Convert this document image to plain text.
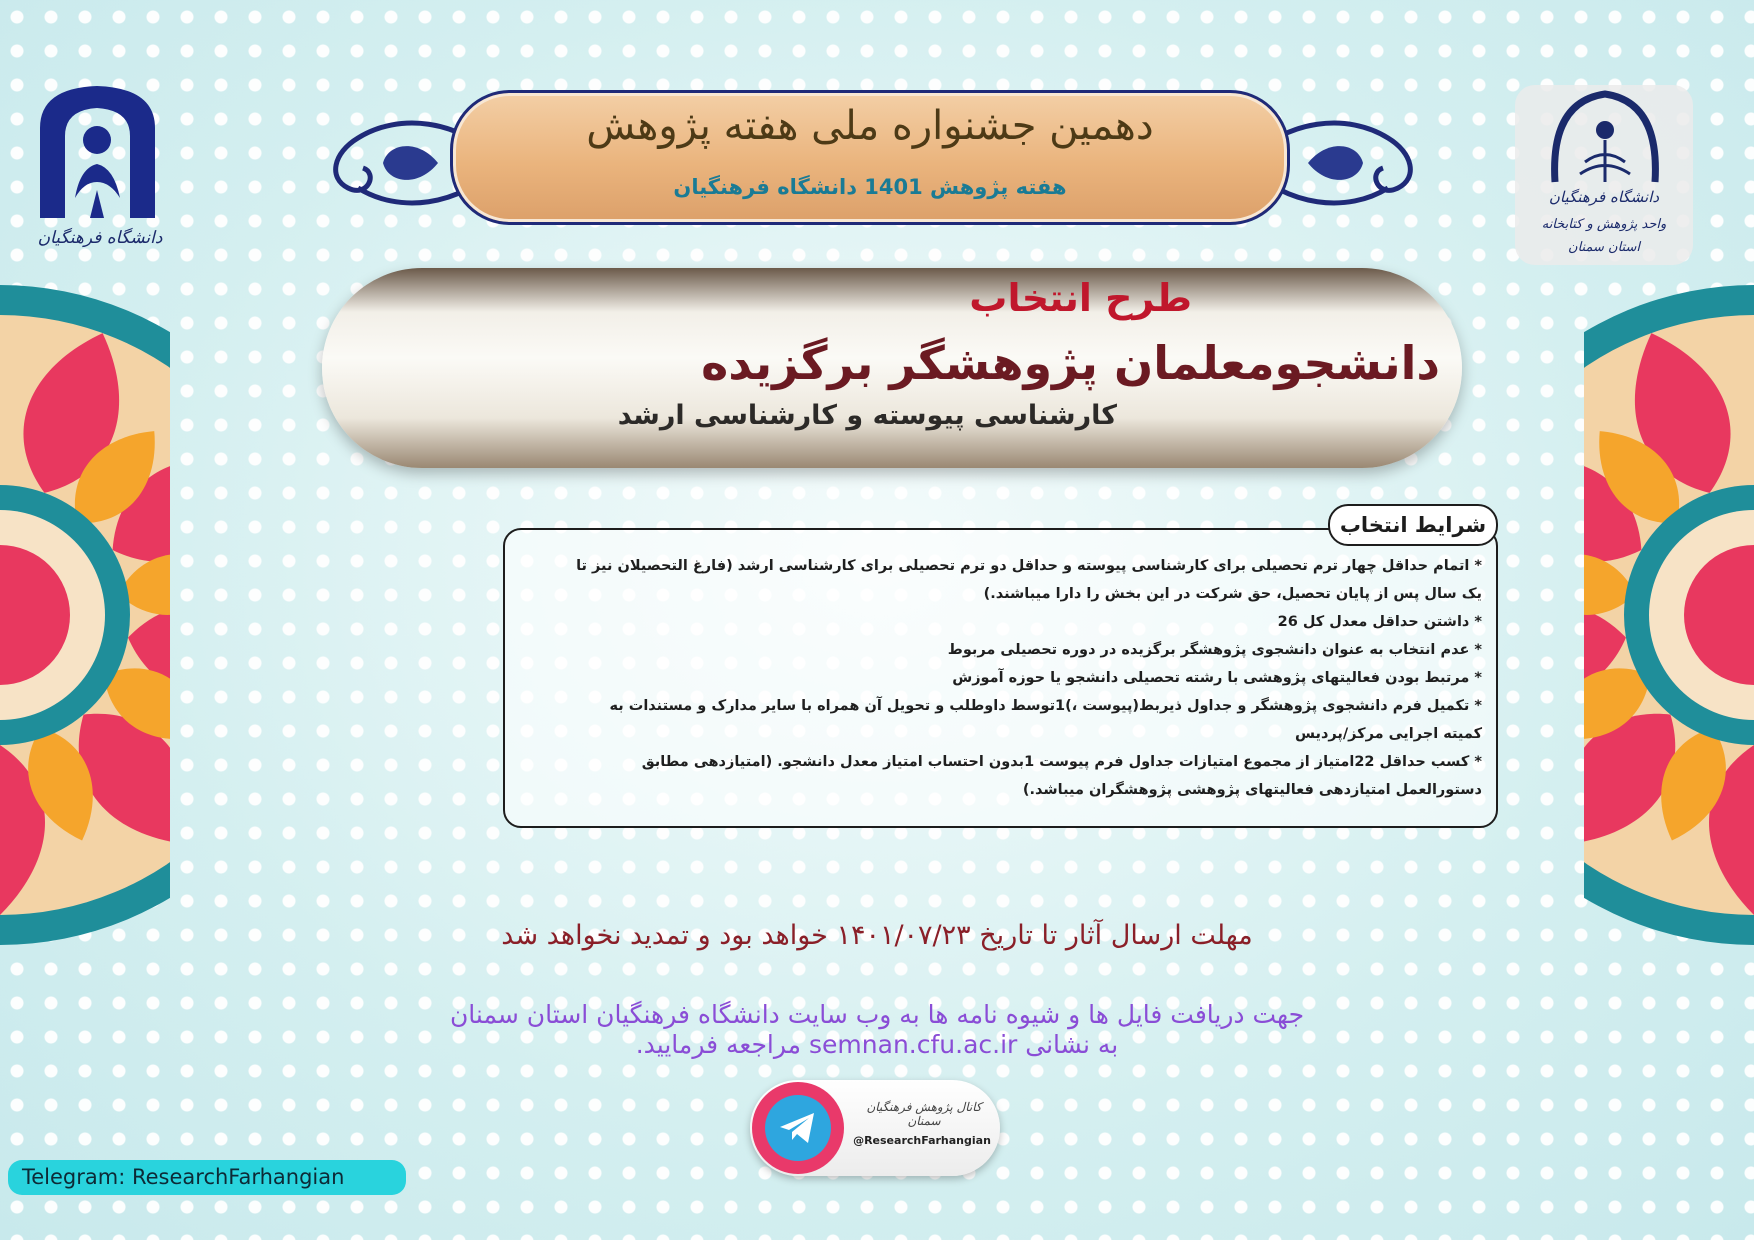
دانشگاه فرهنگیان
دانشگاه فرهنگیان
واحد پژوهش و کتابخانه
استان سمنان
دهمین جشنواره ملی هفته پژوهش
هفته پژوهش 1401 دانشگاه فرهنگیان
طرح انتخاب
دانشجومعلمان پژوهشگر برگزیده
کارشناسی پیوسته و کارشناسی ارشد
* اتمام حداقل چهار ترم تحصیلی برای کارشناسی پیوسته و حداقل دو ترم تحصیلی برای کارشناسی ارشد (فارغ التحصیلان نیز تا یک سال پس از پایان تحصیل، حق شرکت در این بخش را دارا میباشند.)
* داشتن حداقل معدل کل 26
* عدم انتخاب به عنوان دانشجوی پژوهشگر برگزیده در دوره تحصیلی مربوط
* مرتبط بودن فعالیتهای پژوهشی با رشته تحصیلی دانشجو یا حوزه آموزش
* تکمیل فرم دانشجوی پژوهشگر و جداول ذیربط(پیوست ،)1توسط داوطلب و تحویل آن همراه با سایر مدارک و مستندات به کمیته اجرایی مرکز/پردیس
* کسب حداقل 22امتیاز از مجموع امتیازات جداول فرم پیوست 1بدون احتساب امتیاز معدل دانشجو. (امتیازدهی مطابق دستورالعمل امتیازدهی فعالیتهای پژوهشی پژوهشگران میباشد.)
شرایط انتخاب
مهلت ارسال آثار تا تاریخ ۱۴۰۱/۰۷/۲۳ خواهد بود و تمدید نخواهد شد
جهت دریافت فایل ها و شیوه نامه ها به وب سایت دانشگاه فرهنگیان استان سمنان
به نشانی semnan.cfu.ac.ir مراجعه فرمایید.
کانال پژوهش فرهنگیان سمنان
@ResearchFarhangian
Telegram: ResearchFarhangian
